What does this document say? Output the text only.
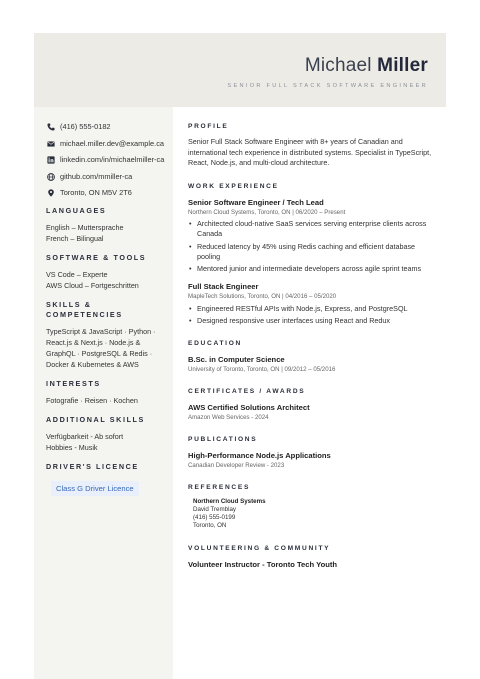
Michael Miller
SENIOR FULL STACK SOFTWARE ENGINEER
(416) 555-0182
michael.miller.dev@example.ca
linkedin.com/in/michaelmiller-ca
github.com/mmiller-ca
Toronto, ON M5V 2T6
LANGUAGES
English – Muttersprache
French – Bilingual
SOFTWARE & TOOLS
VS Code – Experte
AWS Cloud – Fortgeschritten
SKILLS & COMPETENCIES
TypeScript & JavaScript · Python · React.js & Next.js · Node.js & GraphQL · PostgreSQL & Redis · Docker & Kubernetes & AWS
INTERESTS
Fotografie · Reisen · Kochen
ADDITIONAL SKILLS
Verfügbarkeit - Ab sofort
Hobbies - Musik
DRIVER'S LICENCE
Class G Driver Licence
PROFILE
Senior Full Stack Software Engineer with 8+ years of Canadian and international tech experience in distributed systems. Specialist in TypeScript, React, Node.js, and multi-cloud architecture.
WORK EXPERIENCE
Senior Software Engineer / Tech Lead
Northern Cloud Systems, Toronto, ON | 06/2020 – Present
• Architected cloud-native SaaS services serving enterprise clients across Canada
• Reduced latency by 45% using Redis caching and efficient database pooling
• Mentored junior and intermediate developers across agile sprint teams
Full Stack Engineer
MapleTech Solutions, Toronto, ON | 04/2016 – 05/2020
• Engineered RESTful APIs with Node.js, Express, and PostgreSQL
• Designed responsive user interfaces using React and Redux
EDUCATION
B.Sc. in Computer Science
University of Toronto, Toronto, ON | 09/2012 – 05/2016
CERTIFICATES / AWARDS
AWS Certified Solutions Architect
Amazon Web Services - 2024
PUBLICATIONS
High-Performance Node.js Applications
Canadian Developer Review - 2023
REFERENCES
Northern Cloud Systems
David Tremblay
(416) 555-0199
Toronto, ON
VOLUNTEERING & COMMUNITY
Volunteer Instructor - Toronto Tech Youth
